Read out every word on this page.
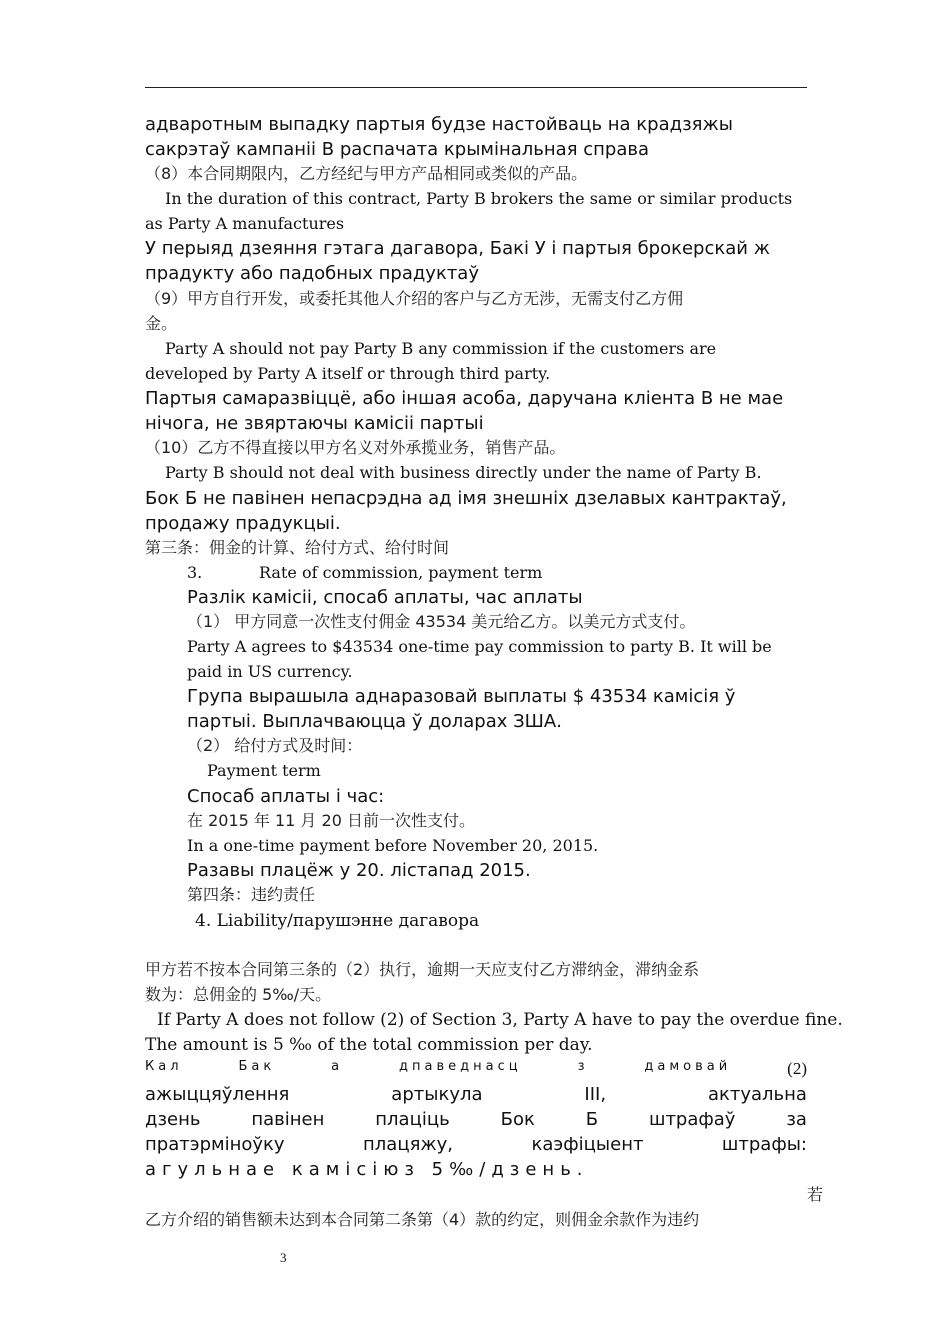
адваротным выпадку партыя будзе настойваць на крадзяжы
сакрэтаў кампаніі B распачата крымінальная справа
（8）本合同期限内，乙方经纪与甲方产品相同或类似的产品。
In the duration of this contract, Party B brokers the same or similar products
as Party A manufactures
У перыяд дзеяння гэтага дагавора, Бакі У і партыя брокерскай ж
прадукту або падобных прадуктаў
（9）甲方自行开发，或委托其他人介绍的客户与乙方无涉，无需支付乙方佣
金。
Party A should not pay Party B any commission if the customers are
developed by Party A itself or through third party.
Партыя самаразвіццё, або іншая асоба, даручана кліента B не мае
нічога, не звяртаючы камісіі партыі
（10）乙方不得直接以甲方名义对外承揽业务，销售产品。
Party B should not deal with business directly under the name of Party B.
Бок Б не павінен непасрэдна ад імя знешніх дзелавых кантрактаў,
продажу прадукцыі.
第三条：佣金的计算、给付方式、给付时间
3.	Rate of commission, payment term
Разлік камісіі, спосаб аплаты, час аплаты
（1） 甲方同意一次性支付佣金 43534 美元给乙方。以美元方式支付。
Party A agrees to $43534 one-time pay commission to party B. It will be
paid in US currency.
Група вырашыла аднаразовай выплаты $ 43534 камісія ў
партыі. Выплачваюцца ў доларах ЗША.
（2） 给付方式及时间：
Payment term
Спосаб аплаты і час:
在 2015 年 11 月 20 日前一次性支付。
In a one-time payment before November 20, 2015.
Разавы плацёж у 20. лістапад 2015.
第四条：违约责任
4. Liability/парушэнне дагавора
甲方若不按本合同第三条的（2）执行，逾期一天应支付乙方滞纳金，滞纳金系
数为：总佣金的 5‰/天。
If Party A does not follow (2) of Section 3, Party A have to pay the overdue fine.
The amount is 5 ‰ of the total commission per day.
Кал	Бак	а	дпаведнасц	з	дамовай	(2)
ажыццяўлення	артыкула	III,	актуальна
дзень	павінен	плаціць	Бок	Б	штрафаў	за
пратэрміноўку	плацяжу,	каэфіцыент	штрафы:
агульнае камісіюз 5‰/дзень.
若
乙方介绍的销售额未达到本合同第二条第（4）款的约定，则佣金余款作为违约
3
